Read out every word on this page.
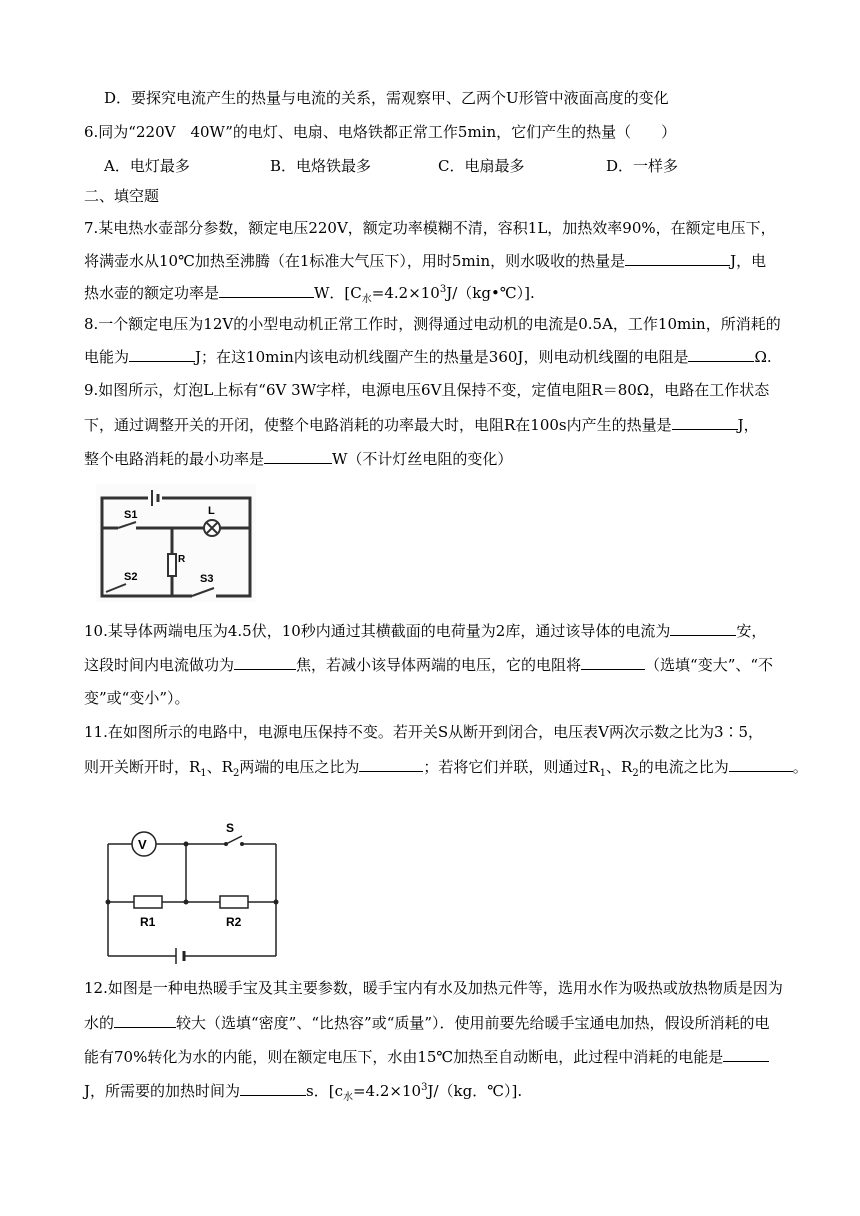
D．要探究电流产生的热量与电流的关系，需观察甲、乙两个U形管中液面高度的变化
6.同为“220V　40W”的电灯、电扇、电烙铁都正常工作5min，它们产生的热量（　　）
A．电灯最多	B．电烙铁最多	C．电扇最多	D．一样多
二、填空题
7.某电热水壶部分参数，额定电压220V，额定功率模糊不清，容积1L，加热效率90%，在额定电压下，
将满壶水从10℃加热至沸腾（在1标准大气压下），用时5min，则水吸收的热量是	J，电
热水壶的额定功率是	W．$[C_水=4.2\times 10^3J/(kg•℃)]$.
8.一个额定电压为12V的小型电动机正常工作时，测得通过电动机的电流是0.5A，工作10min，所消耗的
电能为	J；在这10min内该电动机线圈产生的热量是360J，则电动机线圈的电阻是	Ω.
9.如图所示，灯泡L上标有“6V 3W字样，电源电压6V且保持不变，定值电阻R＝80Ω，电路在工作状态
下，通过调整开关的开闭，使整个电路消耗的功率最大时，电阻R在100s内产生的热量是	J，
整个电路消耗的最小功率是	W（不计灯丝电阻的变化）
S1	L
R
S2	S3
10.某导体两端电压为4.5伏，10秒内通过其横截面的电荷量为2库，通过该导体的电流为	安，
这段时间内电流做功为	焦，若减小该导体两端的电压，它的电阻将	（选填“变大”、“不
变”或“变小”）。
11.在如图所示的电路中，电源电压保持不变。若开关S从断开到闭合，电压表V两次示数之比为3∶5，
则开关断开时，$R_1$、$R_2$两端的电压之比为	；若将它们并联，则通过$R_1$、$R_2$的电流之比为	。
V
S
R1	R2
12.如图是一种电热暖手宝及其主要参数，暖手宝内有水及加热元件等，选用水作为吸热或放热物质是因为
水的	较大（选填“密度”、“比热容”或“质量”）．使用前要先给暖手宝通电加热，假设所消耗的电
能有70%转化为水的内能，则在额定电压下，水由15℃加热至自动断电，此过程中消耗的电能是
J，所需要的加热时间为	s．[$c_水=4.2\times 10^3J/(kg$．℃）].
